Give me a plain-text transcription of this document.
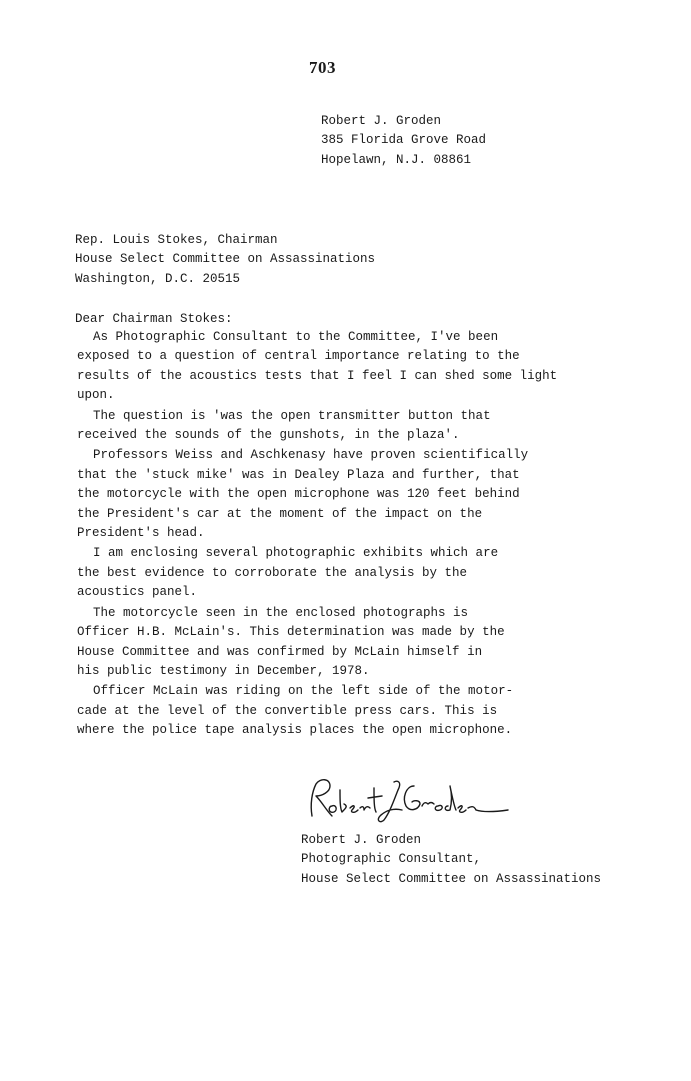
703
Robert J. Groden
385 Florida Grove Road
Hopelawn, N.J. 08861
Rep. Louis Stokes, Chairman
House Select Committee on Assassinations
Washington, D.C. 20515
Dear Chairman Stokes:

As Photographic Consultant to the Committee, I've been
exposed to a question of central importance relating to the
results of the acoustics tests that I feel I can shed some light
upon.

The question is 'was the open transmitter button that
received the sounds of the gunshots, in the plaza'.

Professors Weiss and Aschkenasy have proven scientifically
that the 'stuck mike' was in Dealey Plaza and further, that
the motorcycle with the open microphone was 120 feet behind
the President's car at the moment of the impact on the
President's head.

I am enclosing several photographic exhibits which are
the best evidence to corroborate the analysis by the
acoustics panel.

The motorcycle seen in the enclosed photographs is
Officer H.B. McLain's. This determination was made by the
House Committee and was confirmed by McLain himself in
his public testimony in December, 1978.

Officer McLain was riding on the left side of the motor-
cade at the level of the convertible press cars. This is
where the police tape analysis places the open microphone.

Robert J. Groden
Photographic Consultant,
House Select Committee on Assassinations
